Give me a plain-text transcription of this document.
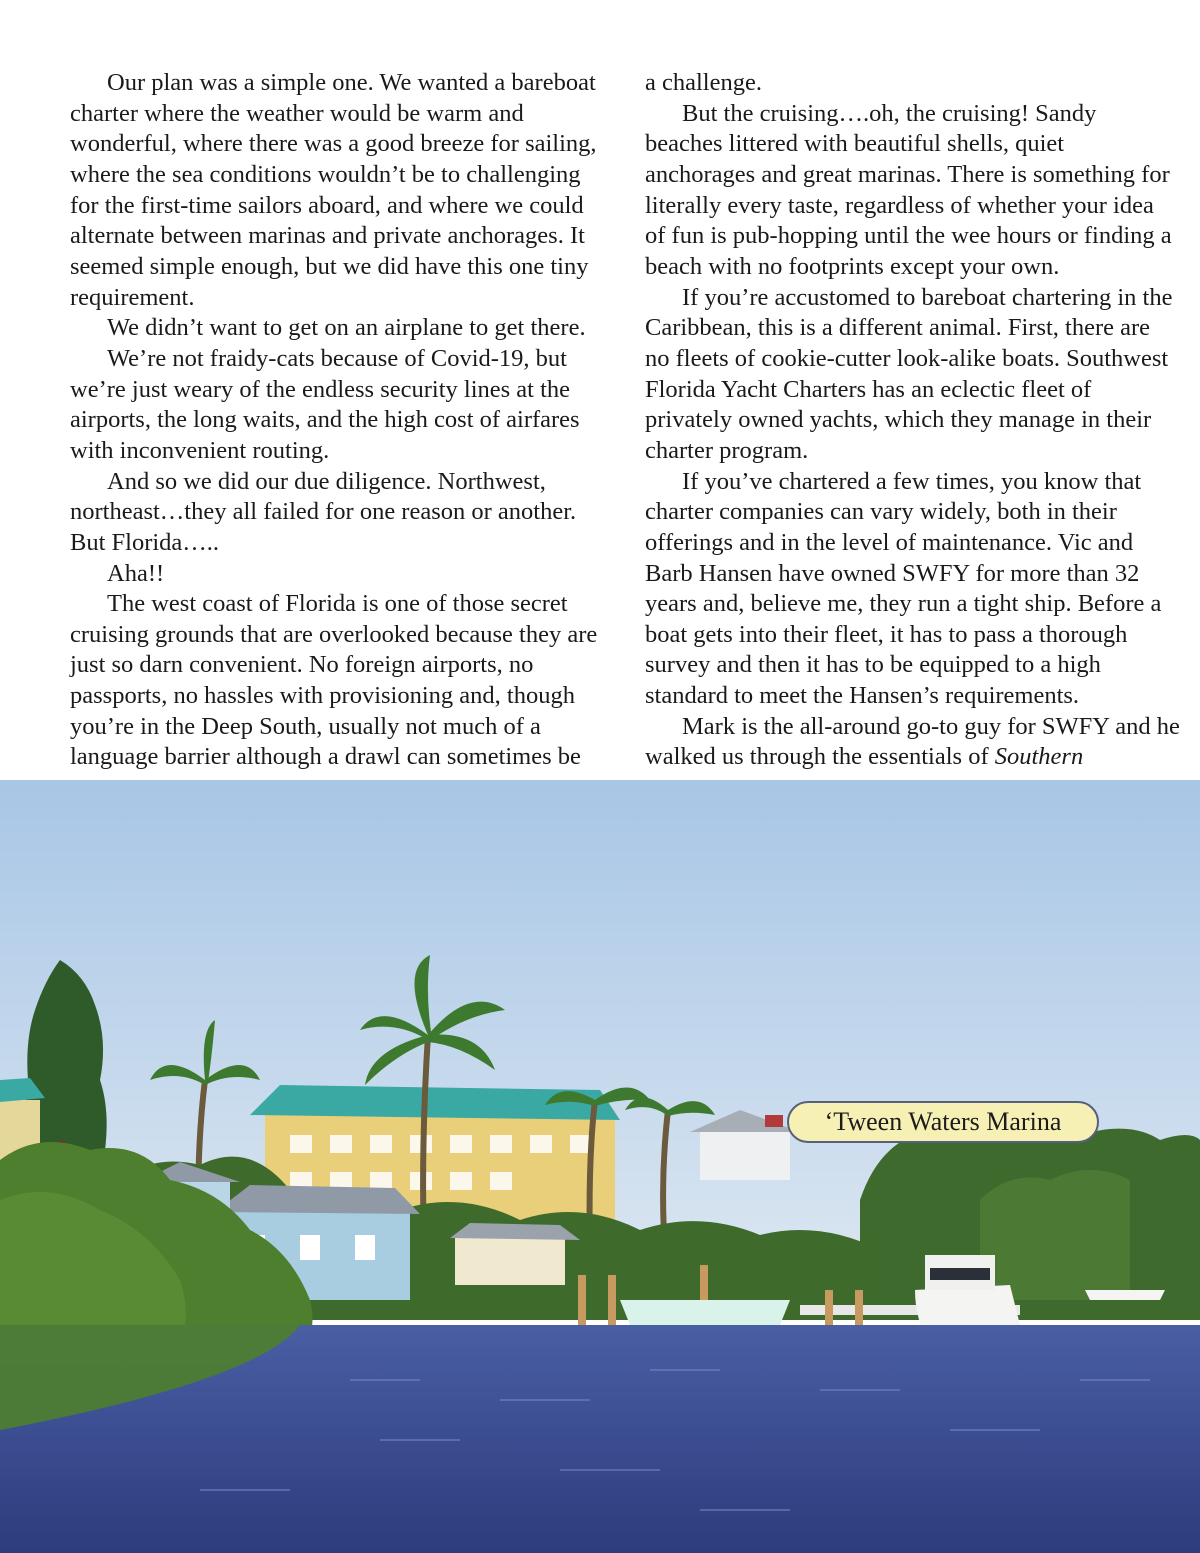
Our plan was a simple one. We wanted a bareboat charter where the weather would be warm and wonderful, where there was a good breeze for sailing, where the sea conditions wouldn’t be to challenging for the first-time sailors aboard, and where we could alternate between marinas and private anchorages. It seemed simple enough, but we did have this one tiny requirement.

We didn’t want to get on an airplane to get there.

We’re not fraidy-cats because of Covid-19, but we’re just weary of the endless security lines at the airports, the long waits, and the high cost of airfares with inconvenient routing.

And so we did our due diligence. Northwest, northeast…they all failed for one reason or another. But Florida…..

Aha!!

The west coast of Florida is one of those secret cruising grounds that are overlooked because they are just so darn convenient. No foreign airports, no passports, no hassles with provisioning and, though you’re in the Deep South, usually not much of a language barrier although a drawl can sometimes be

a challenge.

But the cruising….oh, the cruising! Sandy beaches littered with beautiful shells, quiet anchorages and great marinas. There is something for literally every taste, regardless of whether your idea of fun is pub-hopping until the wee hours or finding a beach with no footprints except your own.

If you’re accustomed to bareboat chartering in the Caribbean, this is a different animal. First, there are no fleets of cookie-cutter look-alike boats. Southwest Florida Yacht Charters has an eclectic fleet of privately owned yachts, which they manage in their charter program.

If you’ve chartered a few times, you know that charter companies can vary widely, both in their offerings and in the level of maintenance. Vic and Barb Hansen have owned SWFY for more than 32 years and, believe me, they run a tight ship. Before a boat gets into their fleet, it has to pass a thorough survey and then it has to be equipped to a high standard to meet the Hansen’s requirements.

Mark is the all-around go-to guy for SWFY and he walked us through the essentials of Southern

‘Tween Waters Marina
